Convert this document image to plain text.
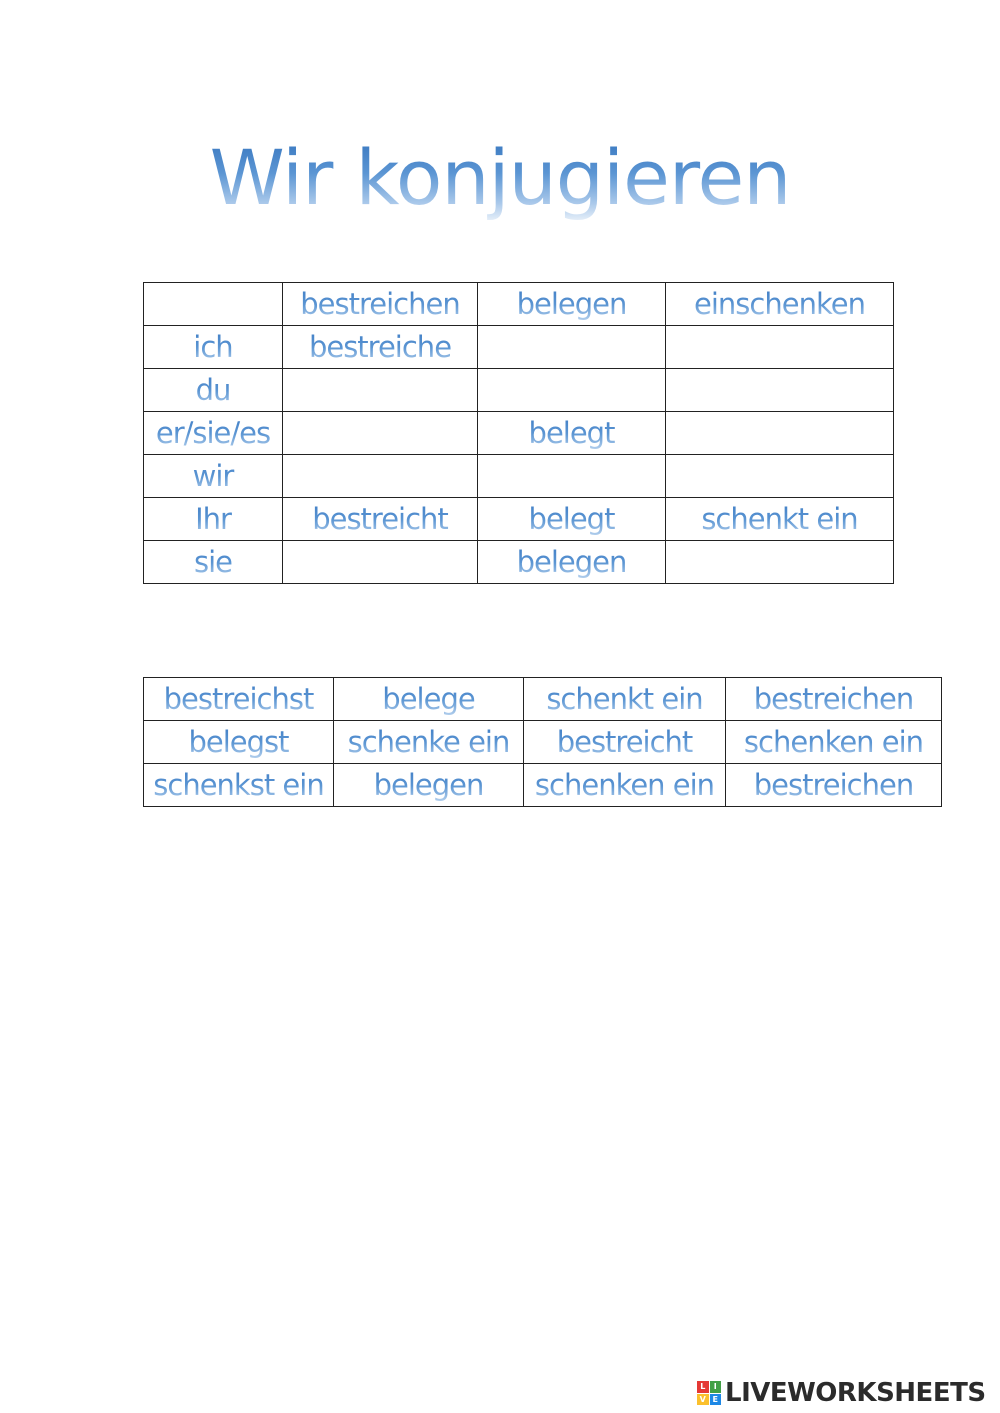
Wir konjugieren
	bestreichen	belegen	einschenken
ich	bestreiche		
du			
er/sie/es		belegt	
wir			
Ihr	bestreicht	belegt	schenkt ein
sie		belegen	
bestreichst	belege	schenkt ein	bestreichen
belegst	schenke ein	bestreicht	schenken ein
schenkst ein	belegen	schenken ein	bestreichen
L	I
V E LIVEWORKSHEETS
